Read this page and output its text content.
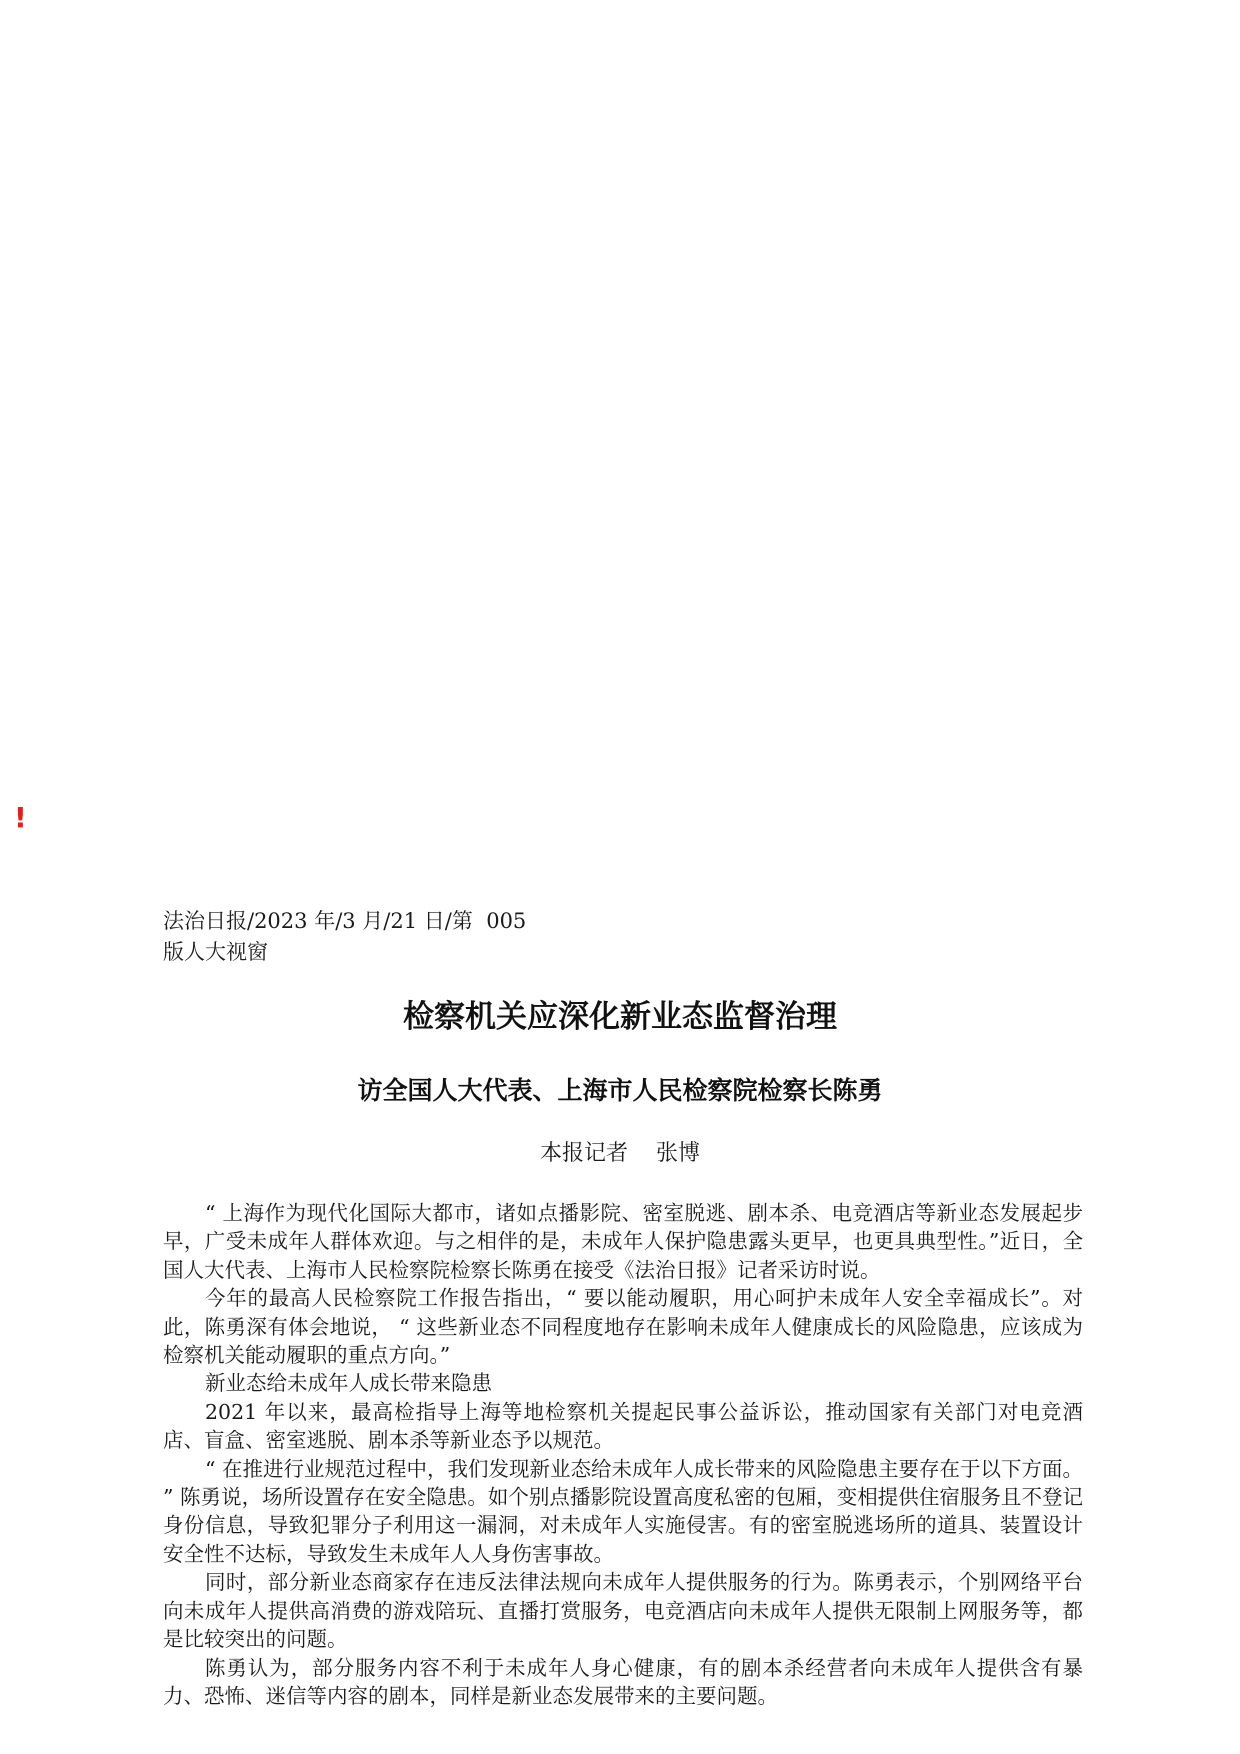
!
法治日报/2023 年/3 月/21 日/第  005
版人大视窗
检察机关应深化新业态监督治理
访全国人大代表、上海市人民检察院检察长陈勇
本报记者    张博

“ 上海作为现代化国际大都市，诸如点播影院、密室脱逃、剧本杀、电竞酒店等新业态发展起步早，广受未成年人群体欢迎。与之相伴的是，未成年人保护隐患露头更早，也更具典型性。”近日，全国人大代表、上海市人民检察院检察长陈勇在接受《法治日报》记者采访时说。

今年的最高人民检察院工作报告指出，“ 要以能动履职，用心呵护未成年人安全幸福成长”。对此，陈勇深有体会地说， “ 这些新业态不同程度地存在影响未成年人健康成长的风险隐患，应该成为检察机关能动履职的重点方向。”

新业态给未成年人成长带来隐患

2021 年以来，最高检指导上海等地检察机关提起民事公益诉讼，推动国家有关部门对电竞酒店、盲盒、密室逃脱、剧本杀等新业态予以规范。

“ 在推进行业规范过程中，我们发现新业态给未成年人成长带来的风险隐患主要存在于以下方面。 ” 陈勇说，场所设置存在安全隐患。如个别点播影院设置高度私密的包厢，变相提供住宿服务且不登记身份信息，导致犯罪分子利用这一漏洞，对未成年人实施侵害。有的密室脱逃场所的道具、装置设计安全性不达标，导致发生未成年人人身伤害事故。

同时，部分新业态商家存在违反法律法规向未成年人提供服务的行为。陈勇表示，个别网络平台向未成年人提供高消费的游戏陪玩、直播打赏服务，电竞酒店向未成年人提供无限制上网服务等，都是比较突出的问题。

陈勇认为，部分服务内容不利于未成年人身心健康，有的剧本杀经营者向未成年人提供含有暴力、恐怖、迷信等内容的剧本，同样是新业态发展带来的主要问题。
